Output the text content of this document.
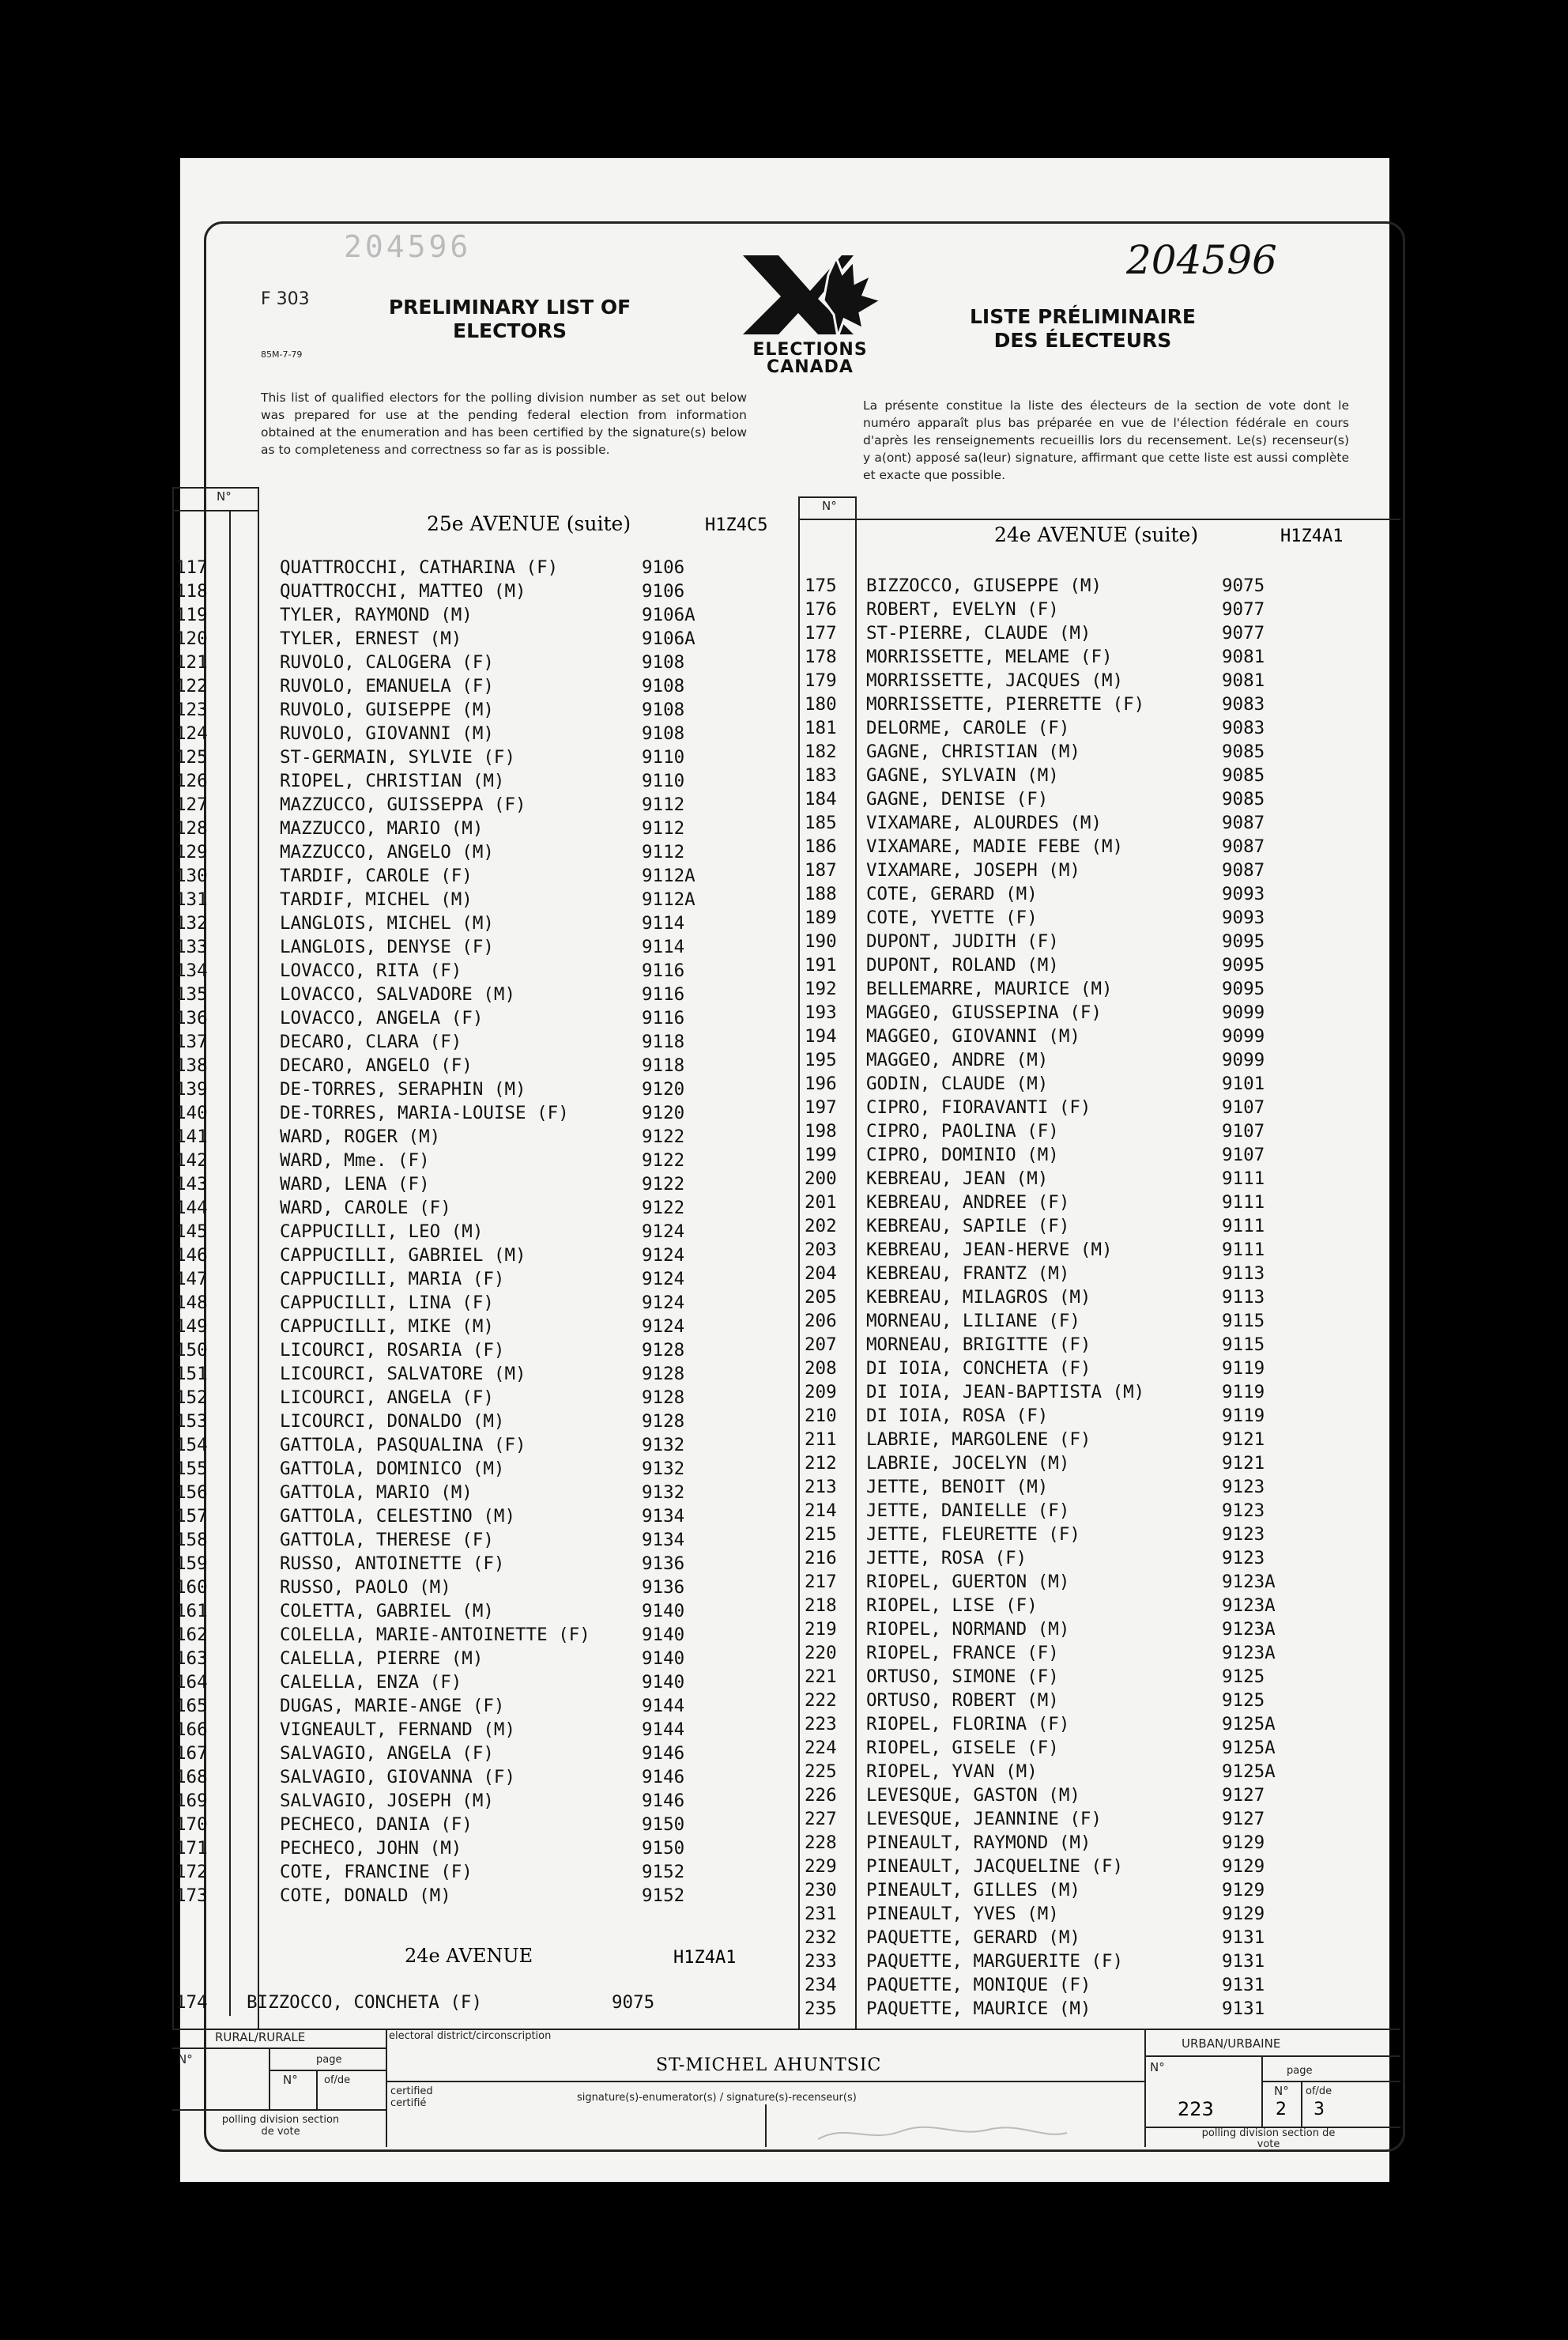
204596	204596
F 303
85M-7-79
PRELIMINARY LIST OF ELECTORS
ELECTIONS
CANADA
LISTE PRÉLIMINAIRE DES ÉLECTEURS
This list of qualified electors for the polling division number as set out below was prepared for use at the pending federal election from information obtained at the enumeration and has been certified by the signature(s) below as to completeness and correctness so far as is possible.
La présente constitue la liste des électeurs de la section de vote dont le numéro apparaît plus bas préparée en vue de l'élection fédérale en cours d'après les renseignements recueillis lors du recensement. Le(s) recenseur(s) y a(ont) apposé sa(leur) signature, affirmant que cette liste est aussi complète et exacte que possible.
N°
N°
25e AVENUE (suite)	H1Z4C5	24e AVENUE (suite)	H1Z4A1
117	QUATTROCCHI, CATHARINA (F)	9106
118	QUATTROCCHI, MATTEO (M)	9106
119	TYLER, RAYMOND (M)	9106A
120	TYLER, ERNEST (M)	9106A
121	RUVOLO, CALOGERA (F)	9108
122	RUVOLO, EMANUELA (F)	9108
123	RUVOLO, GUISEPPE (M)	9108
124	RUVOLO, GIOVANNI (M)	9108
125	ST-GERMAIN, SYLVIE (F)	9110
126	RIOPEL, CHRISTIAN (M)	9110
127	MAZZUCCO, GUISSEPPA (F)	9112
128	MAZZUCCO, MARIO (M)	9112
129	MAZZUCCO, ANGELO (M)	9112
130	TARDIF, CAROLE (F)	9112A
131	TARDIF, MICHEL (M)	9112A
132	LANGLOIS, MICHEL (M)	9114
133	LANGLOIS, DENYSE (F)	9114
134	LOVACCO, RITA (F)	9116
135	LOVACCO, SALVADORE (M)	9116
136	LOVACCO, ANGELA (F)	9116
137	DECARO, CLARA (F)	9118
138	DECARO, ANGELO (F)	9118
139	DE-TORRES, SERAPHIN (M)	9120
140	DE-TORRES, MARIA-LOUISE (F)	9120
141	WARD, ROGER (M)	9122
142	WARD, Mme. (F)	9122
143	WARD, LENA (F)	9122
144	WARD, CAROLE (F)	9122
145	CAPPUCILLI, LEO (M)	9124
146	CAPPUCILLI, GABRIEL (M)	9124
147	CAPPUCILLI, MARIA (F)	9124
148	CAPPUCILLI, LINA (F)	9124
149	CAPPUCILLI, MIKE (M)	9124
150	LICOURCI, ROSARIA (F)	9128
151	LICOURCI, SALVATORE (M)	9128
152	LICOURCI, ANGELA (F)	9128
153	LICOURCI, DONALDO (M)	9128
154	GATTOLA, PASQUALINA (F)	9132
155	GATTOLA, DOMINICO (M)	9132
156	GATTOLA, MARIO (M)	9132
157	GATTOLA, CELESTINO (M)	9134
158	GATTOLA, THERESE (F)	9134
159	RUSSO, ANTOINETTE (F)	9136
160	RUSSO, PAOLO (M)	9136
161	COLETTA, GABRIEL (M)	9140
162	COLELLA, MARIE-ANTOINETTE (F)	9140
163	CALELLA, PIERRE (M)	9140
164	CALELLA, ENZA (F)	9140
165	DUGAS, MARIE-ANGE (F)	9144
166	VIGNEAULT, FERNAND (M)	9144
167	SALVAGIO, ANGELA (F)	9146
168	SALVAGIO, GIOVANNA (F)	9146
169	SALVAGIO, JOSEPH (M)	9146
170	PECHECO, DANIA (F)	9150
171	PECHECO, JOHN (M)	9150
172	COTE, FRANCINE (F)	9152
173	COTE, DONALD (M)	9152
175 BIZZOCCO, GIUSEPPE (M)	9075
176 ROBERT, EVELYN (F)	9077
177 ST-PIERRE, CLAUDE (M)	9077
178 MORRISSETTE, MELAME (F)	9081
179 MORRISSETTE, JACQUES (M)	9081
180 MORRISSETTE, PIERRETTE (F)	9083
181 DELORME, CAROLE (F)	9083
182 GAGNE, CHRISTIAN (M)	9085
183 GAGNE, SYLVAIN (M)	9085
184 GAGNE, DENISE (F)	9085
185 VIXAMARE, ALOURDES (M)	9087
186 VIXAMARE, MADIE FEBE (M)	9087
187 VIXAMARE, JOSEPH (M)	9087
188 COTE, GERARD (M)	9093
189 COTE, YVETTE (F)	9093
190 DUPONT, JUDITH (F)	9095
191 DUPONT, ROLAND (M)	9095
192 BELLEMARRE, MAURICE (M)	9095
193 MAGGEO, GIUSSEPINA (F)	9099
194 MAGGEO, GIOVANNI (M)	9099
195 MAGGEO, ANDRE (M)	9099
196 GODIN, CLAUDE (M)	9101
197 CIPRO, FIORAVANTI (F)	9107
198 CIPRO, PAOLINA (F)	9107
199 CIPRO, DOMINIO (M)	9107
200 KEBREAU, JEAN (M)	9111
201 KEBREAU, ANDREE (F)	9111
202 KEBREAU, SAPILE (F)	9111
203 KEBREAU, JEAN-HERVE (M)	9111
204 KEBREAU, FRANTZ (M)	9113
205 KEBREAU, MILAGROS (M)	9113
206 MORNEAU, LILIANE (F)	9115
207 MORNEAU, BRIGITTE (F)	9115
208 DI IOIA, CONCHETA (F)	9119
209 DI IOIA, JEAN-BAPTISTA (M)	9119
210 DI IOIA, ROSA (F)	9119
211 LABRIE, MARGOLENE (F)	9121
212 LABRIE, JOCELYN (M)	9121
213 JETTE, BENOIT (M)	9123
214 JETTE, DANIELLE (F)	9123
215 JETTE, FLEURETTE (F)	9123
216 JETTE, ROSA (F)	9123
217 RIOPEL, GUERTON (M)	9123A
218 RIOPEL, LISE (F)	9123A
219 RIOPEL, NORMAND (M)	9123A
220 RIOPEL, FRANCE (F)	9123A
221 ORTUSO, SIMONE (F)	9125
222 ORTUSO, ROBERT (M)	9125
223 RIOPEL, FLORINA (F)	9125A
224 RIOPEL, GISELE (F)	9125A
225 RIOPEL, YVAN (M)	9125A
226 LEVESQUE, GASTON (M)	9127
227 LEVESQUE, JEANNINE (F)	9127
228 PINEAULT, RAYMOND (M)	9129
229 PINEAULT, JACQUELINE (F)	9129
230 PINEAULT, GILLES (M)	9129
231 PINEAULT, YVES (M)	9129
232 PAQUETTE, GERARD (M)	9131
233 PAQUETTE, MARGUERITE (F)	9131
234 PAQUETTE, MONIQUE (F)	9131
235 PAQUETTE, MAURICE (M)	9131
24e AVENUE	H1Z4A1
174 BIZZOCCO, CONCHETA (F)	9075
RURAL/RURALE
N°	page
N°	of/de
polling division section de vote
electoral district/circonscription
ST-MICHEL AHUNTSIC
certified certifié	signature(s)-enumerator(s) / signature(s)-recenseur(s)
URBAN/URBAINE
N°	page
N° of/de
223	2 3
polling division section de vote
